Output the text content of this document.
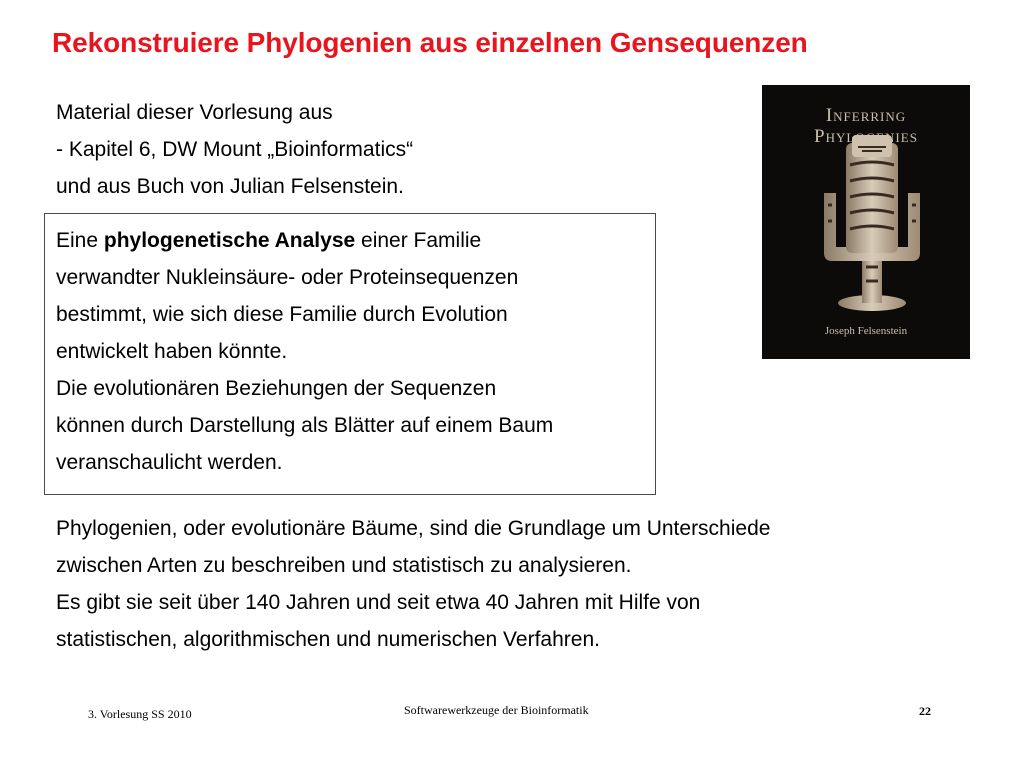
Rekonstruiere Phylogenien aus einzelnen Gensequenzen
Material dieser Vorlesung aus
- Kapitel 6, DW Mount „Bioinformatics“
und aus Buch von Julian Felsenstein.
Eine phylogenetische Analyse einer Familie
verwandter Nukleinsäure- oder Proteinsequenzen
bestimmt, wie sich diese Familie durch Evolution
entwickelt haben könnte.
Die evolutionären Beziehungen der Sequenzen
können durch Darstellung als Blätter auf einem Baum
veranschaulicht werden.
Phylogenien, oder evolutionäre Bäume, sind die Grundlage um Unterschiede
zwischen Arten zu beschreiben und statistisch zu analysieren.
Es gibt sie seit über 140 Jahren und seit etwa 40 Jahren mit Hilfe von
statistischen, algorithmischen und numerischen Verfahren.
Inferring
Phylogenies
Joseph Felsenstein
3. Vorlesung SS 2010	Softwarewerkzeuge der Bioinformatik	22
